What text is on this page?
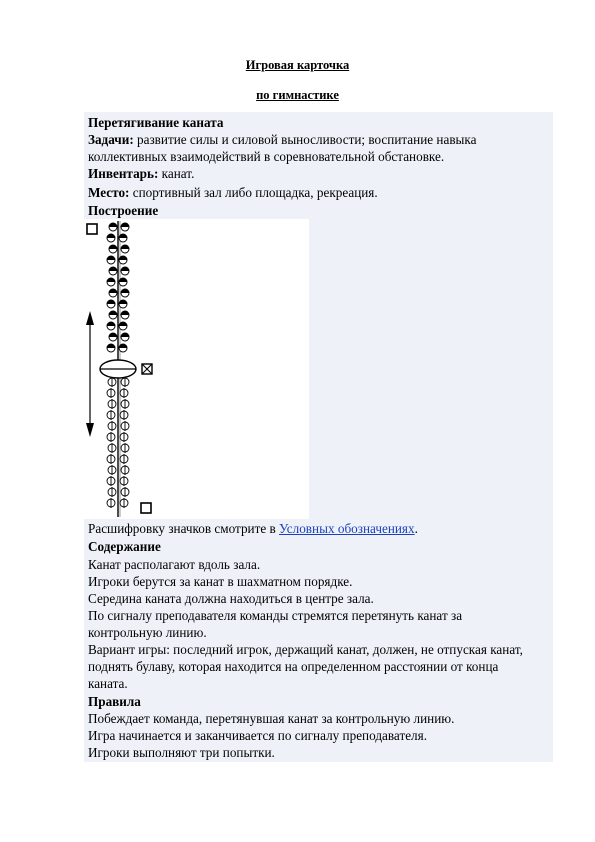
Игровая карточка
по гимнастике
Перетягивание каната
Задачи: развитие силы и силовой выносливости; воспитание навыка
коллективных взаимодействий в соревновательной обстановке.
Инвентарь: канат.
Место: спортивный зал либо площадка, рекреация.
Построение
Расшифровку значков смотрите в Условных обозначениях.
Содержание
Канат располагают вдоль зала.
Игроки берутся за канат в шахматном порядке.
Середина каната должна находиться в центре зала.
По сигналу преподавателя команды стремятся перетянуть канат за
контрольную линию.
Вариант игры: последний игрок, держащий канат, должен, не отпуская канат,
поднять булаву, которая находится на определенном расстоянии от конца
каната.
Правила
Побеждает команда, перетянувшая канат за контрольную линию.
Игра начинается и заканчивается по сигналу преподавателя.
Игроки выполняют три попытки.
